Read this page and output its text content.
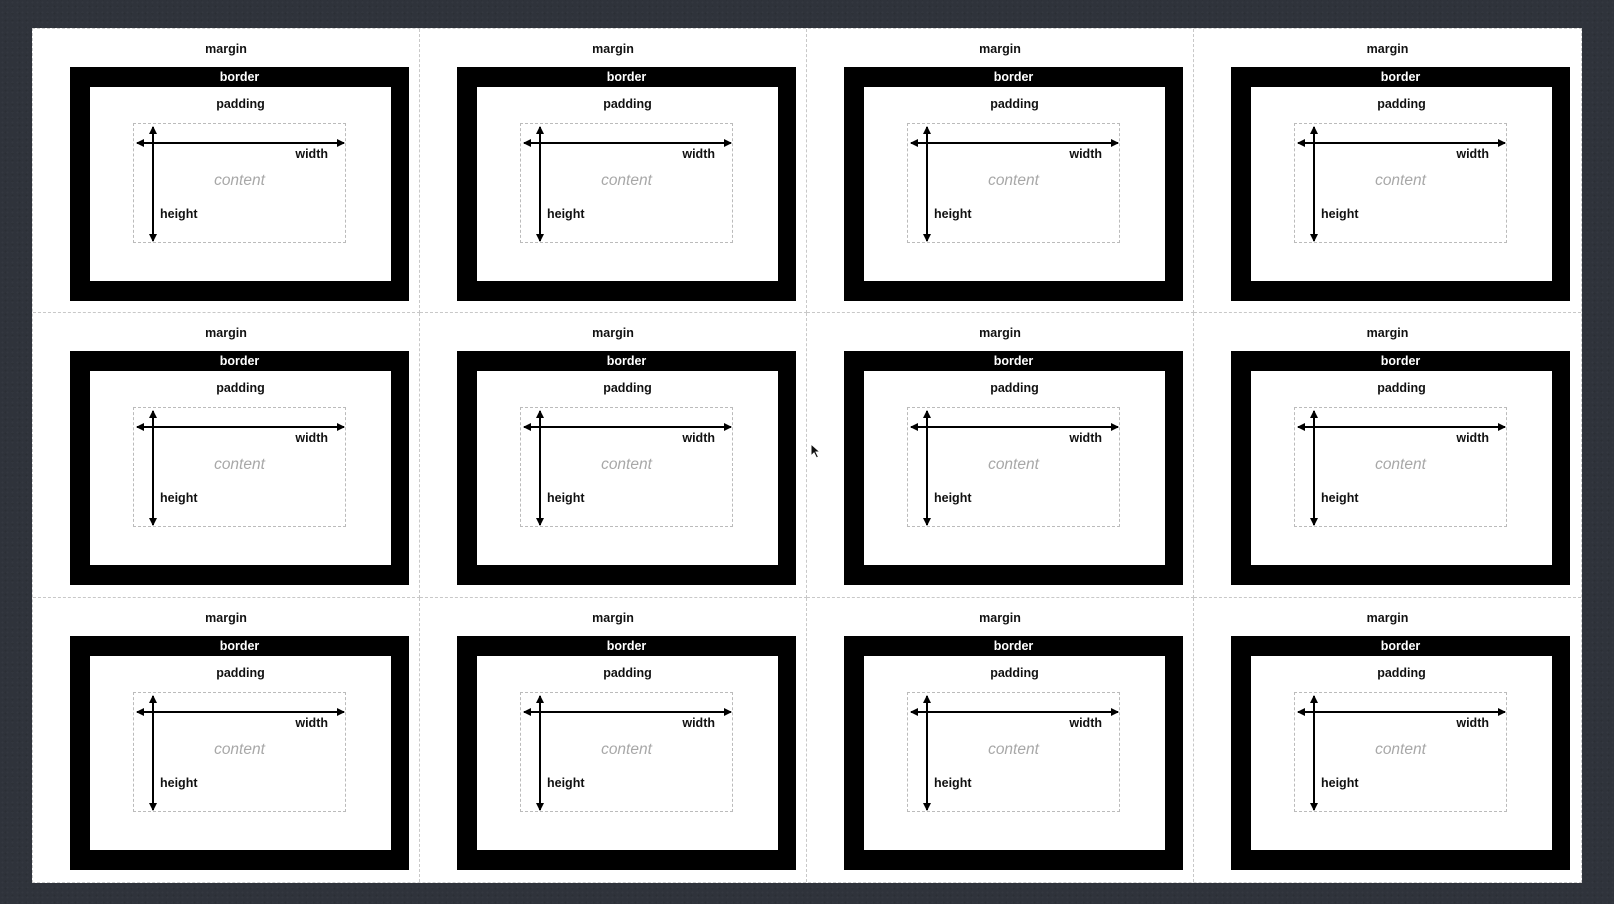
margin
border
padding
width
content
height
margin
border
padding
width
content
height
margin
border
padding
width
content
height
margin
border
padding
width
content
height
margin
border
padding
width
content
height
margin
border
padding
width
content
height
margin
border
padding
width
content
height
margin
border
padding
width
content
height
margin
border
padding
width
content
height
margin
border
padding
width
content
height
margin
border
padding
width
content
height
margin
border
padding
width
content
height
